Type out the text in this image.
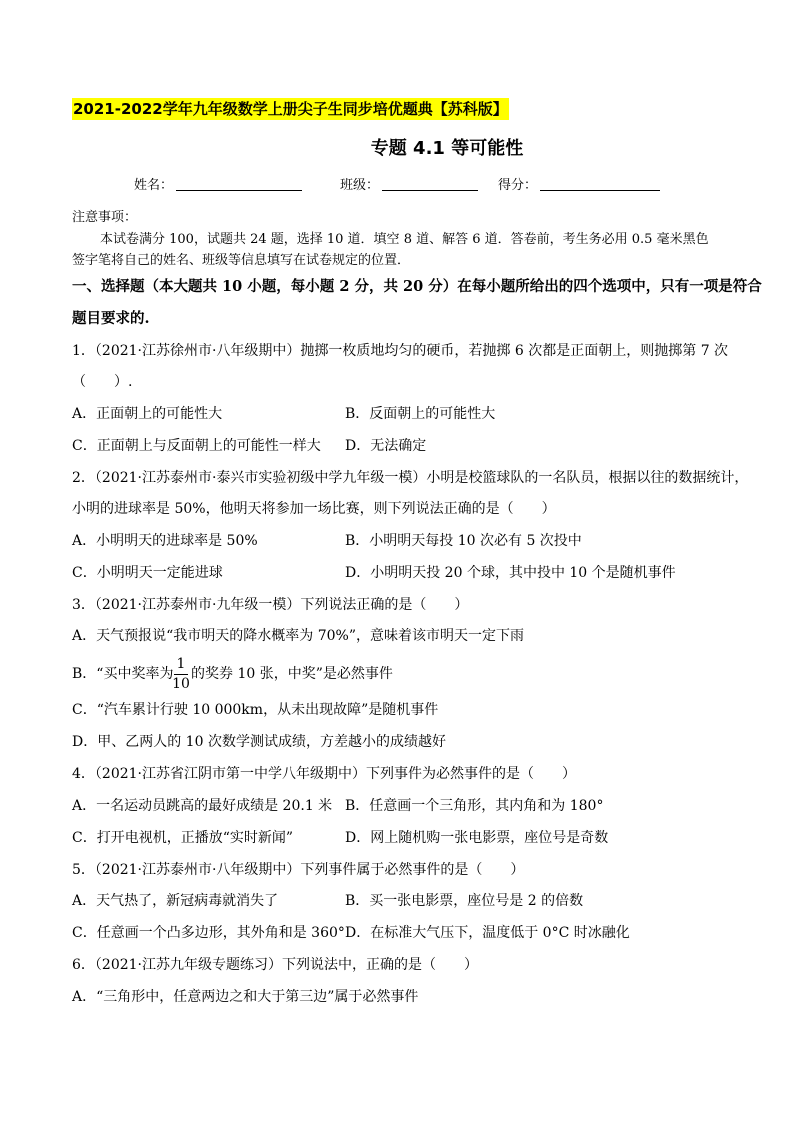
2021-2022学年九年级数学上册尖子生同步培优题典【苏科版】
专题 4.1 等可能性
姓名：	班级：	得分：
注意事项：
本试卷满分 100，试题共 24 题，选择 10 道．填空 8 道、解答 6 道．答卷前，考生务必用 0.5 毫米黑色
签字笔将自己的姓名、班级等信息填写在试卷规定的位置．
一、选择题（本大题共 10 小题，每小题 2 分，共 20 分）在每小题所给出的四个选项中，只有一项是符合
题目要求的.
1．（2021·江苏徐州市·八年级期中）抛掷一枚质地均匀的硬币，若抛掷 6 次都是正面朝上，则抛掷第 7 次
（　　）.
A．正面朝上的可能性大	B．反面朝上的可能性大
C．正面朝上与反面朝上的可能性一样大 D．无法确定
2．（2021·江苏泰州市·泰兴市实验初级中学九年级一模）小明是校篮球队的一名队员，根据以往的数据统计，
小明的进球率是 50%，他明天将参加一场比赛，则下列说法正确的是（　　）
A．小明明天的进球率是 50%	B．小明明天每投 10 次必有 5 次投中
C．小明明天一定能进球	D．小明明天投 20 个球，其中投中 10 个是随机事件
3．（2021·江苏泰州市·九年级一模）下列说法正确的是（　　）
A．天气预报说“我市明天的降水概率为 70%”，意味着该市明天一定下雨
B．“买中奖率为
1
10
的奖券 10 张，中奖”是必然事件
C．“汽车累计行驶 10 000km，从未出现故障”是随机事件
D．甲、乙两人的 10 次数学测试成绩，方差越小的成绩越好
4．（2021·江苏省江阴市第一中学八年级期中）下列事件为必然事件的是（　　）
A．一名运动员跳高的最好成绩是 20.1 米 B．任意画一个三角形，其内角和为 180°
C．打开电视机，正播放“实时新闻”	D．网上随机购一张电影票，座位号是奇数
5．（2021·江苏泰州市·八年级期中）下列事件属于必然事件的是（　　）
A．天气热了，新冠病毒就消失了	B．买一张电影票，座位号是 2 的倍数
C．任意画一个凸多边形，其外角和是 360° D．在标准大气压下，温度低于 0°C 时冰融化
6．（2021·江苏九年级专题练习）下列说法中，正确的是（　　）
A．“三角形中，任意两边之和大于第三边”属于必然事件
